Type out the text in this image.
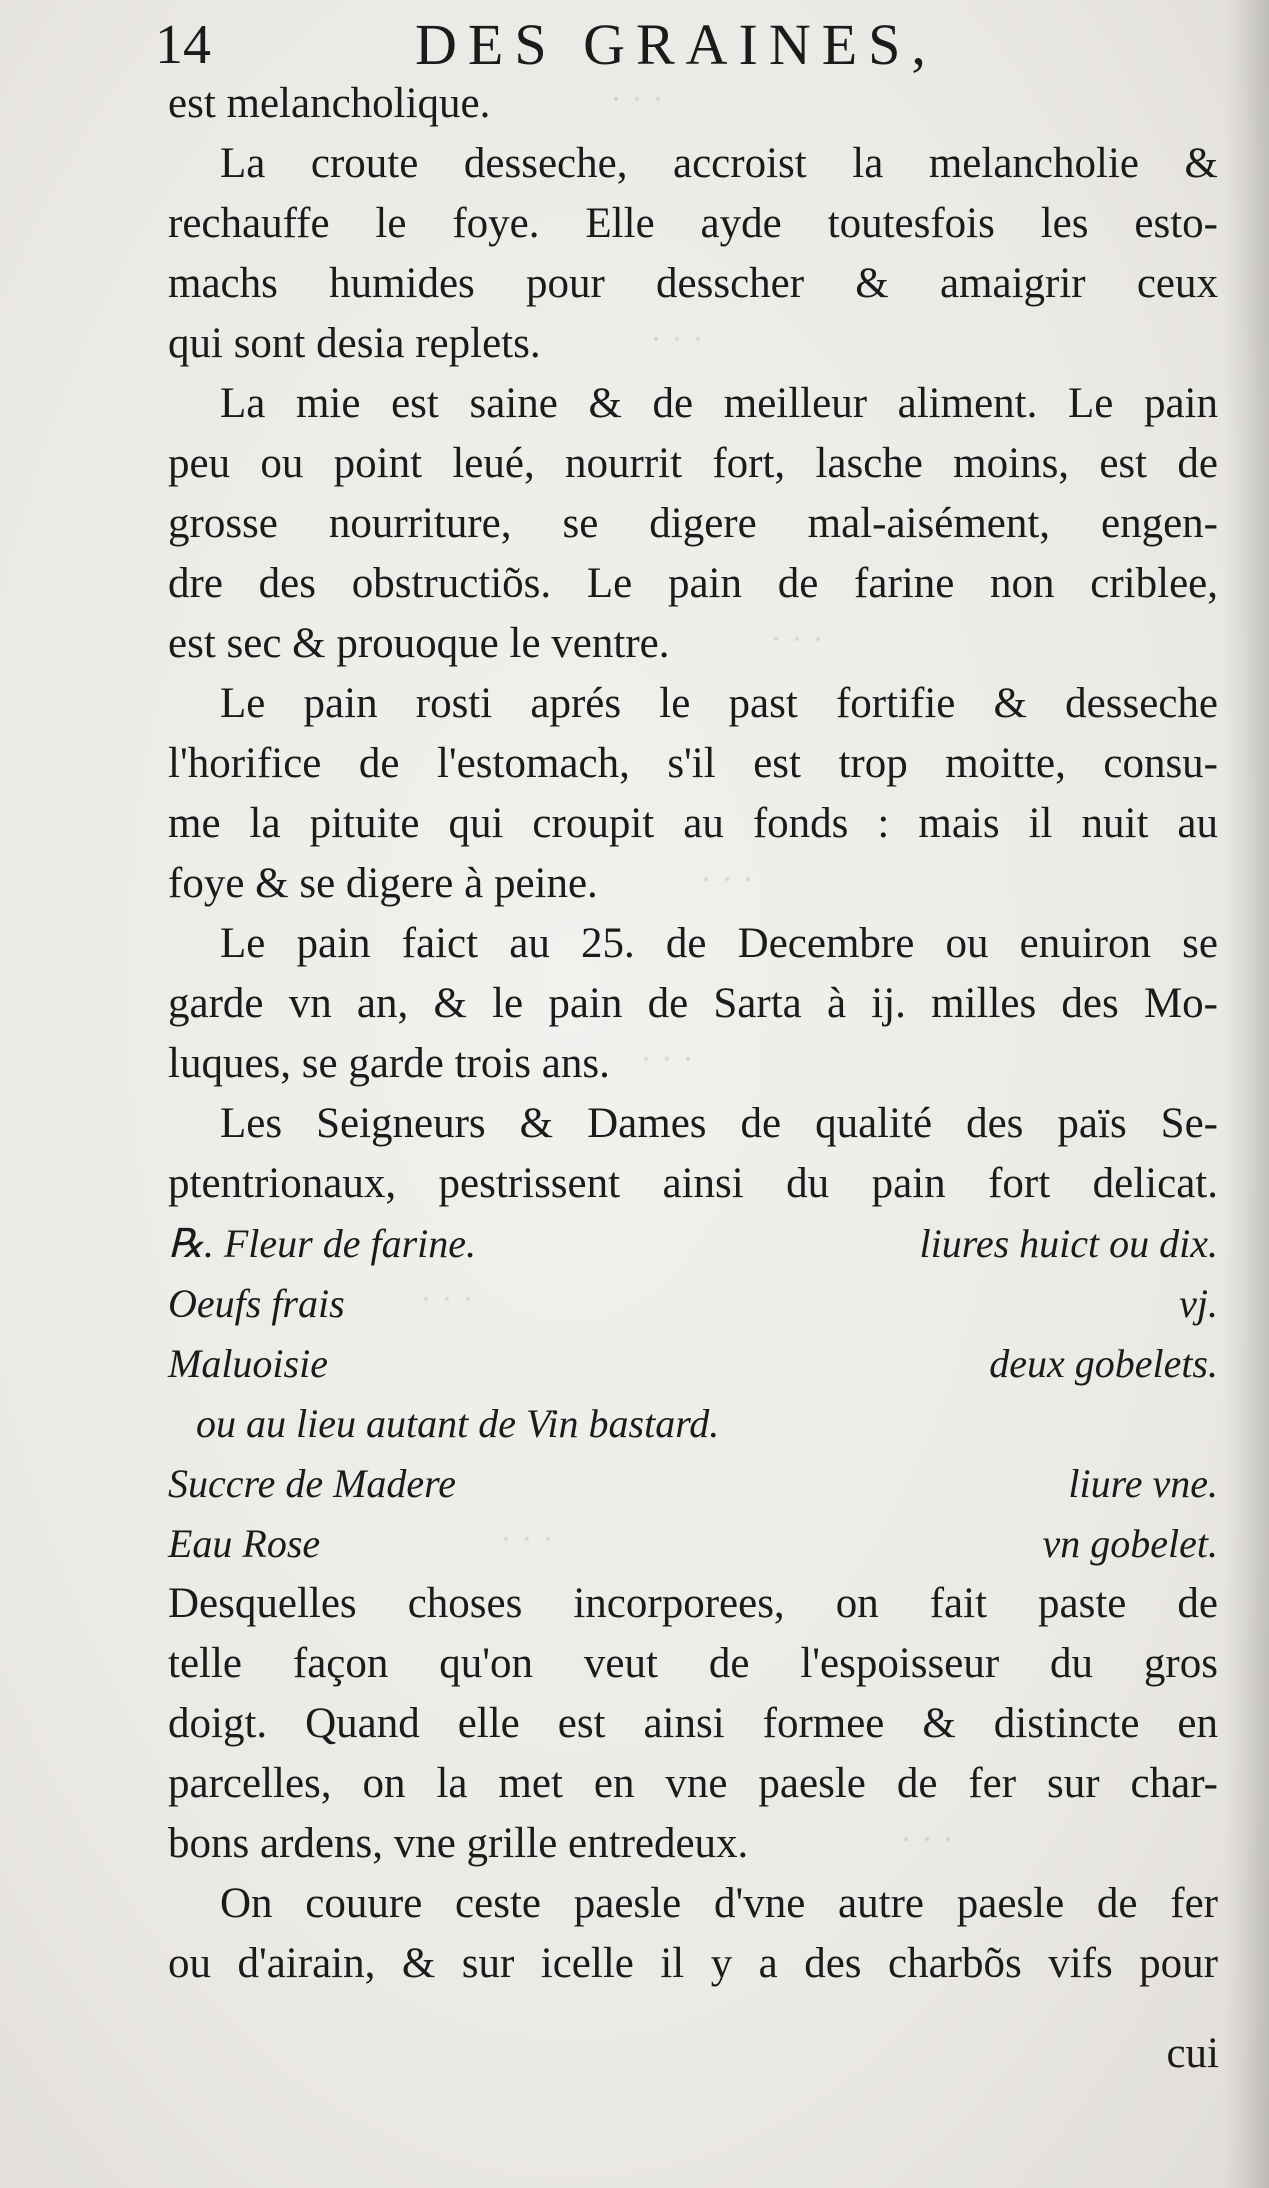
· · ·
· · ·
· · ·
· · ·
· · ·
· · ·
· · ·
· · ·
14	DES GRAINES,
est melancholique.
La croute desseche, accroist la melancholie &
rechauffe le foye. Elle ayde toutesfois les esto-
machs humides pour desscher & amaigrir ceux
qui sont desia replets.
La mie est saine & de meilleur aliment. Le pain
peu ou point leué, nourrit fort, lasche moins, est de
grosse nourriture, se digere mal-aisément, engen-
dre des obstructiõs. Le pain de farine non criblee,
est sec & prouoque le ventre.
Le pain rosti aprés le past fortifie & desseche
l'horifice de l'estomach, s'il est trop moitte, consu-
me la pituite qui croupit au fonds : mais il nuit au
foye & se digere à peine.
Le pain faict au 25. de Decembre ou enuiron se
garde vn an, & le pain de Sarta à ij. milles des Mo-
luques, se garde trois ans.
Les Seigneurs & Dames de qualité des païs Se-
ptentrionaux, pestrissent ainsi du pain fort delicat.
℞. Fleur de farine.	liures huict ou dix.
Oeufs frais	vj.
Maluoisie	deux gobelets.
ou au lieu autant de Vin bastard.
Succre de Madere	liure vne.
Eau Rose	vn gobelet.
Desquelles choses incorporees, on fait paste de
telle façon qu'on veut de l'espoisseur du gros
doigt. Quand elle est ainsi formee & distincte en
parcelles, on la met en vne paesle de fer sur char-
bons ardens, vne grille entredeux.
On couure ceste paesle d'vne autre paesle de fer
ou d'airain, & sur icelle il y a des charbõs vifs pour
cui
